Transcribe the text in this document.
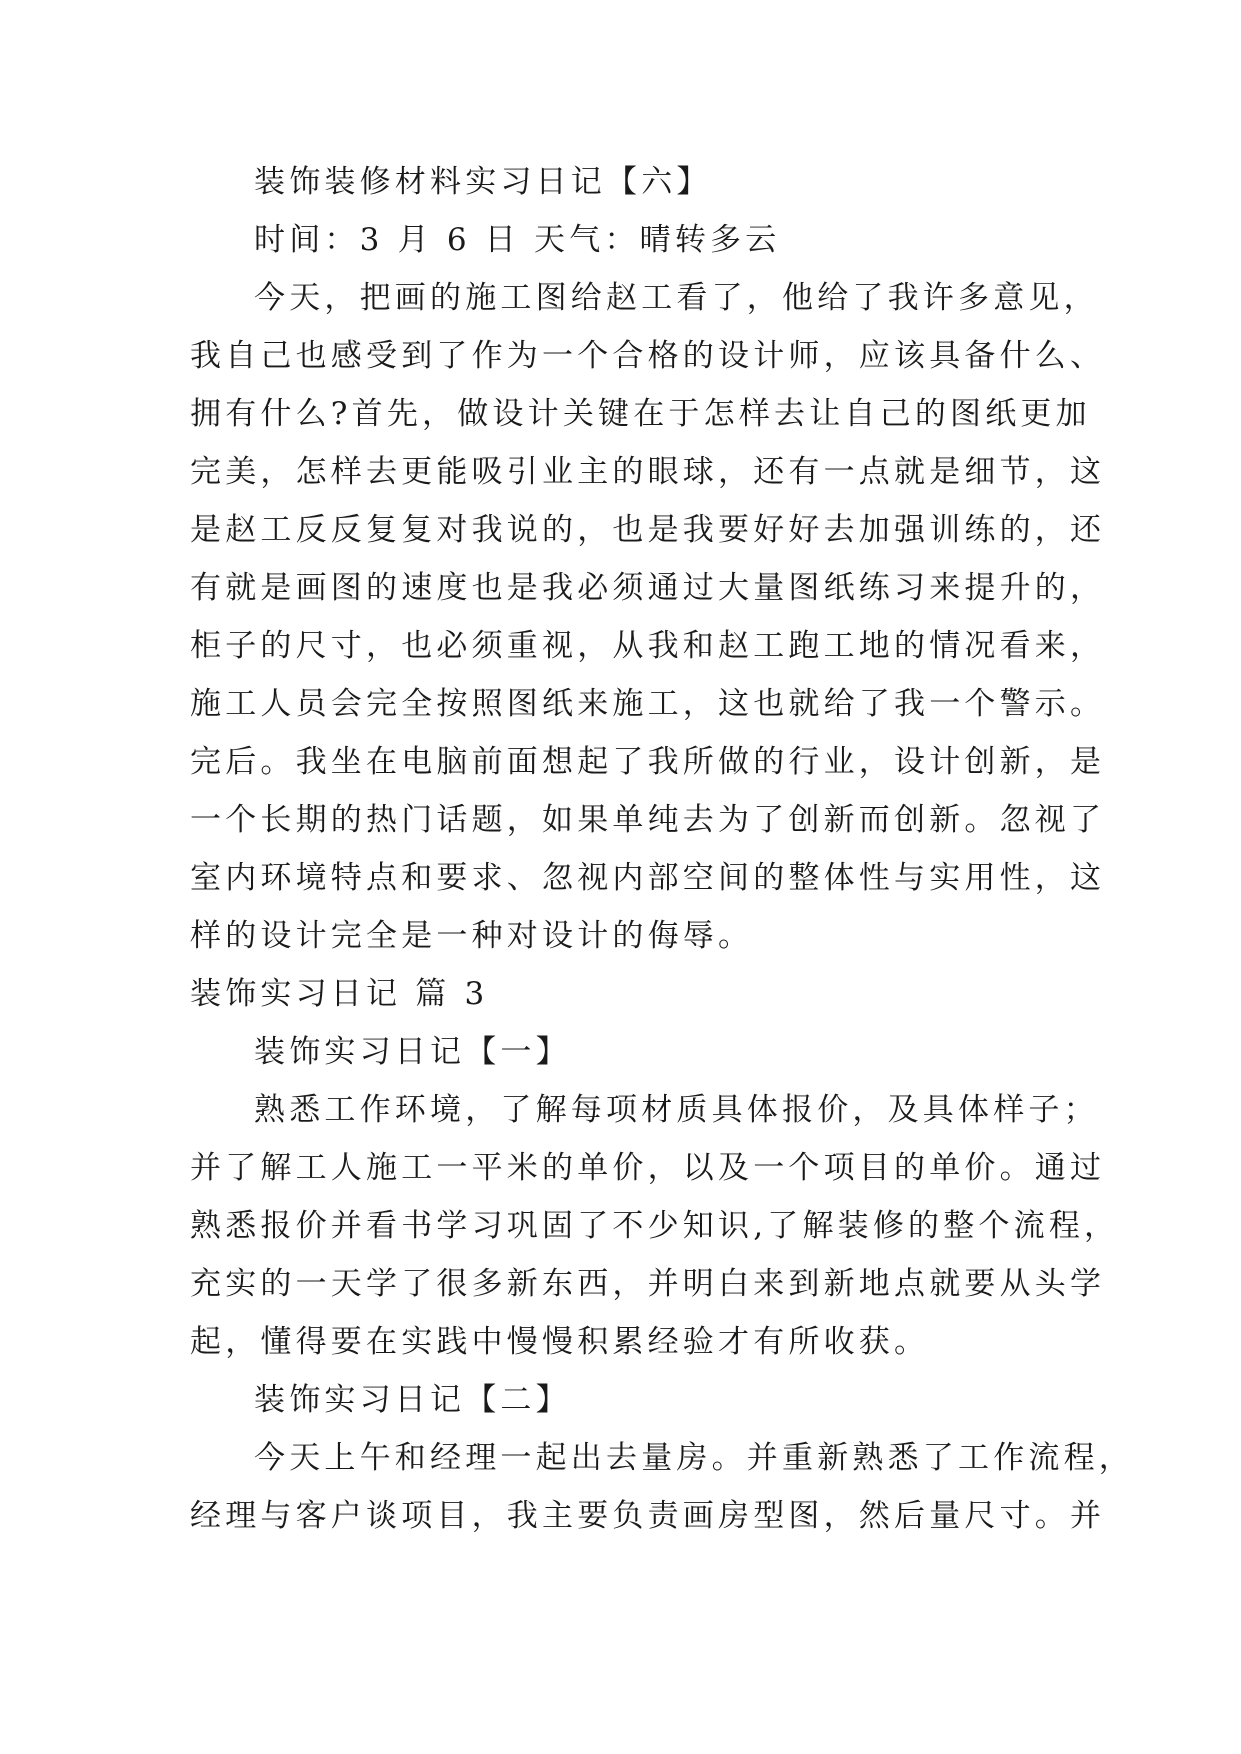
装饰装修材料实习日记【六】
时间：3 月 6 日 天气：晴转多云
今天，把画的施工图给赵工看了，他给了我许多意见，
我自己也感受到了作为一个合格的设计师，应该具备什么、
拥有什么?首先，做设计关键在于怎样去让自己的图纸更加
完美，怎样去更能吸引业主的眼球，还有一点就是细节，这
是赵工反反复复对我说的，也是我要好好去加强训练的，还
有就是画图的速度也是我必须通过大量图纸练习来提升的，
柜子的尺寸，也必须重视，从我和赵工跑工地的情况看来，
施工人员会完全按照图纸来施工，这也就给了我一个警示。
完后。我坐在电脑前面想起了我所做的行业，设计创新，是
一个长期的热门话题，如果单纯去为了创新而创新。忽视了
室内环境特点和要求、忽视内部空间的整体性与实用性，这
样的设计完全是一种对设计的侮辱。
装饰实习日记 篇 3
装饰实习日记【一】
熟悉工作环境，了解每项材质具体报价，及具体样子；
并了解工人施工一平米的单价，以及一个项目的单价。通过
熟悉报价并看书学习巩固了不少知识,了解装修的整个流程，
充实的一天学了很多新东西，并明白来到新地点就要从头学
起，懂得要在实践中慢慢积累经验才有所收获。
装饰实习日记【二】
今天上午和经理一起出去量房。并重新熟悉了工作流程，
经理与客户谈项目，我主要负责画房型图，然后量尺寸。并
